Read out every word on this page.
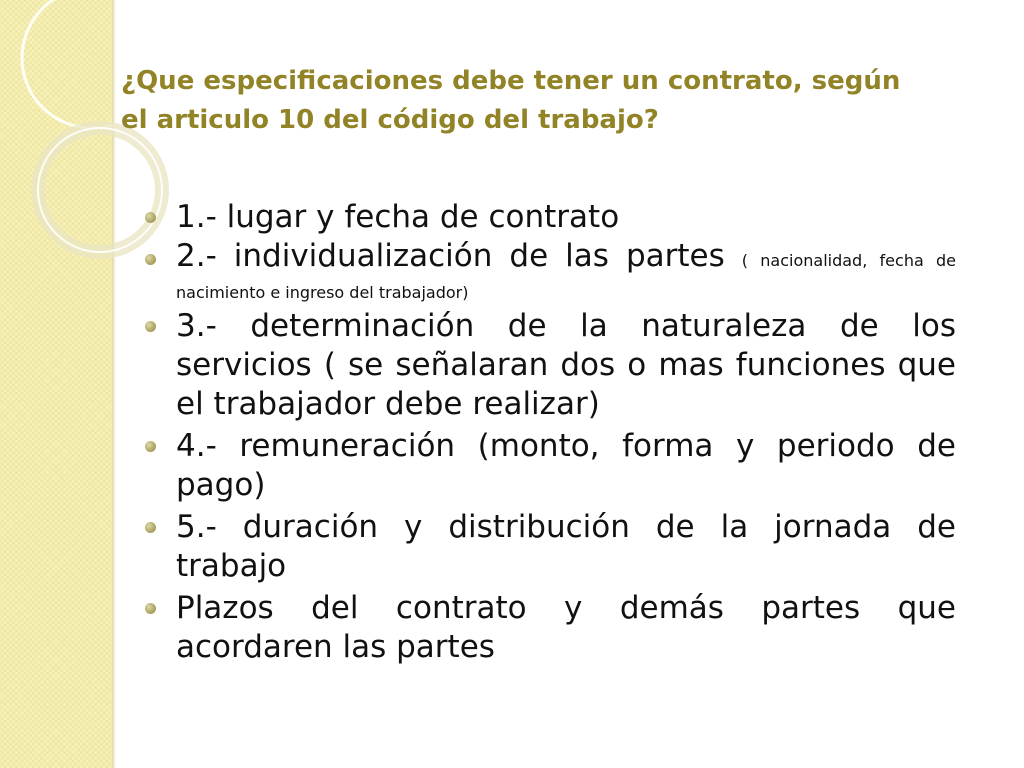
¿Que especificaciones debe tener un contrato, según el articulo 10 del código del trabajo?
1.- lugar y fecha de contrato
2.- individualización de las partes ( nacionalidad, fecha de nacimiento e ingreso del trabajador)
3.- determinación de la naturaleza de los servicios ( se señalaran dos o mas funciones que el trabajador debe realizar)
4.- remuneración (monto, forma y periodo de pago)
5.- duración y distribución de la jornada de trabajo
Plazos del contrato y demás partes que acordaren las partes
